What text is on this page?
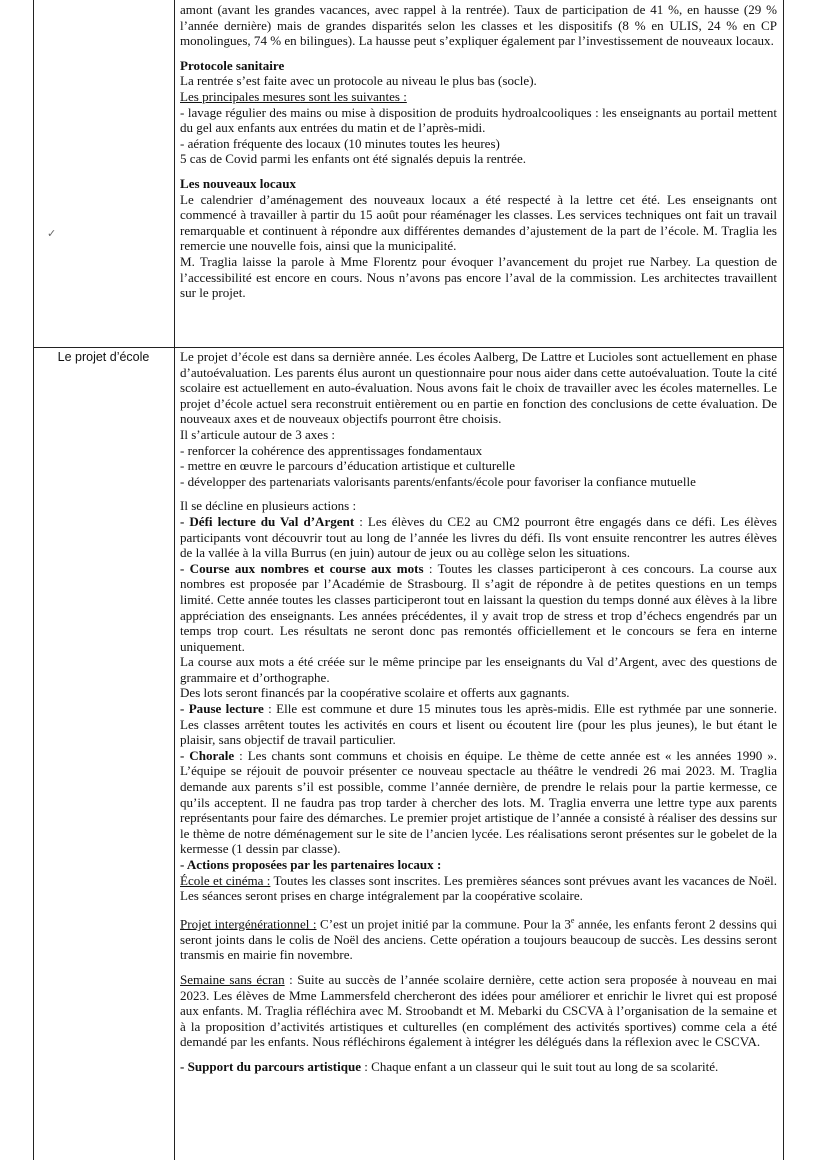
Le projet d’école

amont (avant les grandes vacances, avec rappel à la rentrée). Taux de participation de 41 %, en hausse (29 % l’année dernière) mais de grandes disparités selon les classes et les dispositifs (8 % en ULIS, 24 % en CP monolingues, 74 % en bilingues). La hausse peut s’expliquer également par l’investissement de nouveaux locaux.

Protocole sanitaire

La rentrée s’est faite avec un protocole au niveau le plus bas (socle).

Les principales mesures sont les suivantes :

- lavage régulier des mains ou mise à disposition de produits hydroalcooliques : les enseignants au portail mettent du gel aux enfants aux entrées du matin et de l’après-midi.

- aération fréquente des locaux (10 minutes toutes les heures)

5 cas de Covid parmi les enfants ont été signalés depuis la rentrée.

Les nouveaux locaux

Le calendrier d’aménagement des nouveaux locaux a été respecté à la lettre cet été. Les enseignants ont commencé à travailler à partir du 15 août pour réaménager les classes. Les services techniques ont fait un travail remarquable et continuent à répondre aux différentes demandes d’ajustement de la part de l’école. M. Traglia les remercie une nouvelle fois, ainsi que la municipalité.

M. Traglia laisse la parole à Mme Florentz pour évoquer l’avancement du projet rue Narbey. La question de l’accessibilité est encore en cours. Nous n’avons pas encore l’aval de la commission. Les architectes travaillent sur le projet.

Le projet d’école est dans sa dernière année. Les écoles Aalberg, De Lattre et Lucioles sont actuellement en phase d’autoévaluation. Les parents élus auront un questionnaire pour nous aider dans cette autoévaluation. Toute la cité scolaire est actuellement en auto-évaluation. Nous avons fait le choix de travailler avec les écoles maternelles. Le projet d’école actuel sera reconstruit entièrement ou en partie en fonction des conclusions de cette évaluation. De nouveaux axes et de nouveaux objectifs pourront être choisis.

Il s’articule autour de 3 axes :

- renforcer la cohérence des apprentissages fondamentaux

- mettre en œuvre le parcours d’éducation artistique et culturelle

- développer des partenariats valorisants parents/enfants/école pour favoriser la confiance mutuelle

Il se décline en plusieurs actions :

- Défi lecture du Val d’Argent : Les élèves du CE2 au CM2 pourront être engagés dans ce défi. Les élèves participants vont découvrir tout au long de l’année les livres du défi. Ils vont ensuite rencontrer les autres élèves de la vallée à la villa Burrus (en juin) autour de jeux ou au collège selon les situations.

- Course aux nombres et course aux mots : Toutes les classes participeront à ces concours. La course aux nombres est proposée par l’Académie de Strasbourg. Il s’agit de répondre à de petites questions en un temps limité. Cette année toutes les classes participeront tout en laissant la question du temps donné aux élèves à la libre appréciation des enseignants. Les années précédentes, il y avait trop de stress et trop d’échecs engendrés par un temps trop court. Les résultats ne seront donc pas remontés officiellement et le concours se fera en interne uniquement.

La course aux mots a été créée sur le même principe par les enseignants du Val d’Argent, avec des questions de grammaire et d’orthographe.

Des lots seront financés par la coopérative scolaire et offerts aux gagnants.

- Pause lecture : Elle est commune et dure 15 minutes tous les après-midis. Elle est rythmée par une sonnerie. Les classes arrêtent toutes les activités en cours et lisent ou écoutent lire (pour les plus jeunes), le but étant le plaisir, sans objectif de travail particulier.

- Chorale : Les chants sont communs et choisis en équipe. Le thème de cette année est « les années 1990 ». L’équipe se réjouit de pouvoir présenter ce nouveau spectacle au théâtre le vendredi 26 mai 2023. M. Traglia demande aux parents s’il est possible, comme l’année dernière, de prendre le relais pour la partie kermesse, ce qu’ils acceptent. Il ne faudra pas trop tarder à chercher des lots. M. Traglia enverra une lettre type aux parents représentants pour faire des démarches. Le premier projet artistique de l’année a consisté à réaliser des dessins sur le thème de notre déménagement sur le site de l’ancien lycée. Les réalisations seront présentes sur le gobelet de la kermesse (1 dessin par classe).

- Actions proposées par les partenaires locaux :

École et cinéma : Toutes les classes sont inscrites. Les premières séances sont prévues avant les vacances de Noël. Les séances seront prises en charge intégralement par la coopérative scolaire.

Projet intergénérationnel : C’est un projet initié par la commune. Pour la 3e année, les enfants feront 2 dessins qui seront joints dans le colis de Noël des anciens. Cette opération a toujours beaucoup de succès. Les dessins seront transmis en mairie fin novembre.

Semaine sans écran : Suite au succès de l’année scolaire dernière, cette action sera proposée à nouveau en mai 2023. Les élèves de Mme Lammersfeld chercheront des idées pour améliorer et enrichir le livret qui est proposé aux enfants. M. Traglia réfléchira avec M. Stroobandt et M. Mebarki du CSCVA à l’organisation de la semaine et à la proposition d’activités artistiques et culturelles (en complément des activités sportives) comme cela a été demandé par les enfants. Nous réfléchirons également à intégrer les délégués dans la réflexion avec le CSCVA.

- Support du parcours artistique : Chaque enfant a un classeur qui le suit tout au long de sa scolarité.

✓
